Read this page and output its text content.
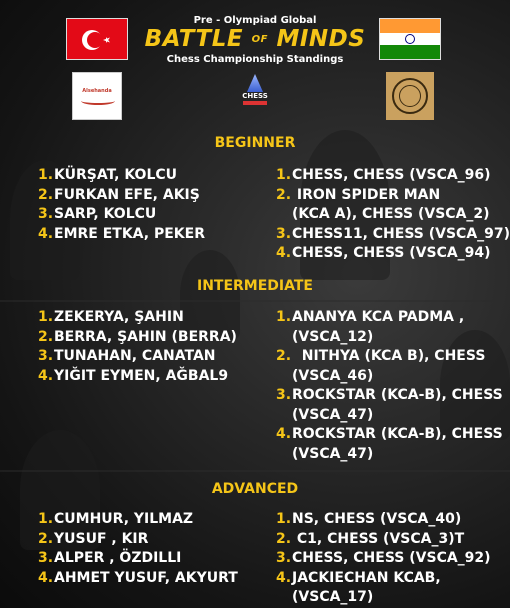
Pre - Olympiad Global
BATTLE OF MINDS
Chess Championship Standings
Alsehanda
CHESS
BEGINNER
1. KÜRŞAT, KOLCU
2. FURKAN EFE, AKIŞ
3. SARP, KOLCU
4. EMRE ETKA, PEKER
1. CHESS, CHESS (VSCA_96)
2. IRON SPIDER MAN
(KCA A), CHESS (VSCA_2)
3. CHESS11, CHESS (VSCA_97)
4. CHESS, CHESS (VSCA_94)
INTERMEDIATE
1. ZEKERYA, ŞAHIN
2. BERRA, ŞAHIN (BERRA)
3. TUNAHAN, CANATAN
4. YIĞIT EYMEN, AĞBAL9
1. ANANYA KCA PADMA ,
(VSCA_12)
2. NITHYA (KCA B), CHESS
(VSCA_46)
3. ROCKSTAR (KCA-B), CHESS
(VSCA_47)
4. ROCKSTAR (KCA-B), CHESS
(VSCA_47)
ADVANCED
1. CUMHUR, YILMAZ
2. YUSUF , KIR
3. ALPER , ÖZDILLI
4. AHMET YUSUF, AKYURT
1. NS, CHESS (VSCA_40)
2. C1, CHESS (VSCA_3)T
3. CHESS, CHESS (VSCA_92)
4. JACKIECHAN KCAB,
(VSCA_17)
